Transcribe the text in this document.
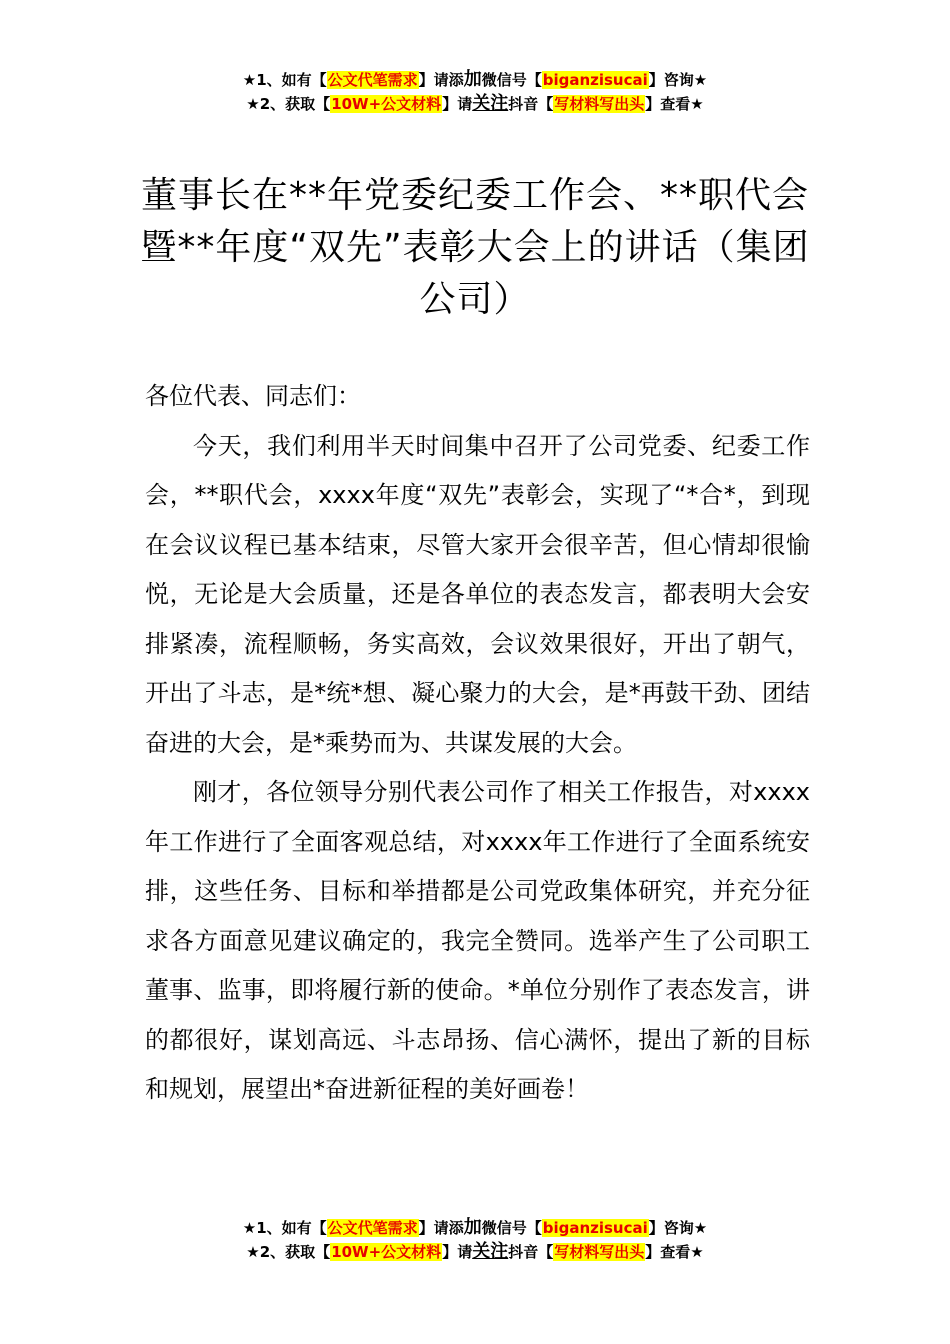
★1、如有【公文代笔需求】请添加微信号【biganzisucai】咨询★
★2、获取【10W+公文材料】请关注抖音【写材料写出头】查看★
董事长在**年党委纪委工作会、**职代会暨**年度“双先”表彰大会上的讲话（集团公司）

各位代表、同志们：

今天，我们利用半天时间集中召开了公司党委、纪委工作会，**职代会，xxxx年度“双先”表彰会，实现了“*合*，到现在会议议程已基本结束，尽管大家开会很辛苦，但心情却很愉悦，无论是大会质量，还是各单位的表态发言，都表明大会安排紧凑，流程顺畅，务实高效，会议效果很好，开出了朝气，开出了斗志，是*统*想、凝心聚力的大会，是*再鼓干劲、团结奋进的大会，是*乘势而为、共谋发展的大会。

刚才，各位领导分别代表公司作了相关工作报告，对xxxx年工作进行了全面客观总结，对xxxx年工作进行了全面系统安排，这些任务、目标和举措都是公司党政集体研究，并充分征求各方面意见建议确定的，我完全赞同。选举产生了公司职工董事、监事，即将履行新的使命。*单位分别作了表态发言，讲的都很好，谋划高远、斗志昂扬、信心满怀，提出了新的目标和规划，展望出*奋进新征程的美好画卷！

★1、如有【公文代笔需求】请添加微信号【biganzisucai】咨询★
★2、获取【10W+公文材料】请关注抖音【写材料写出头】查看★
